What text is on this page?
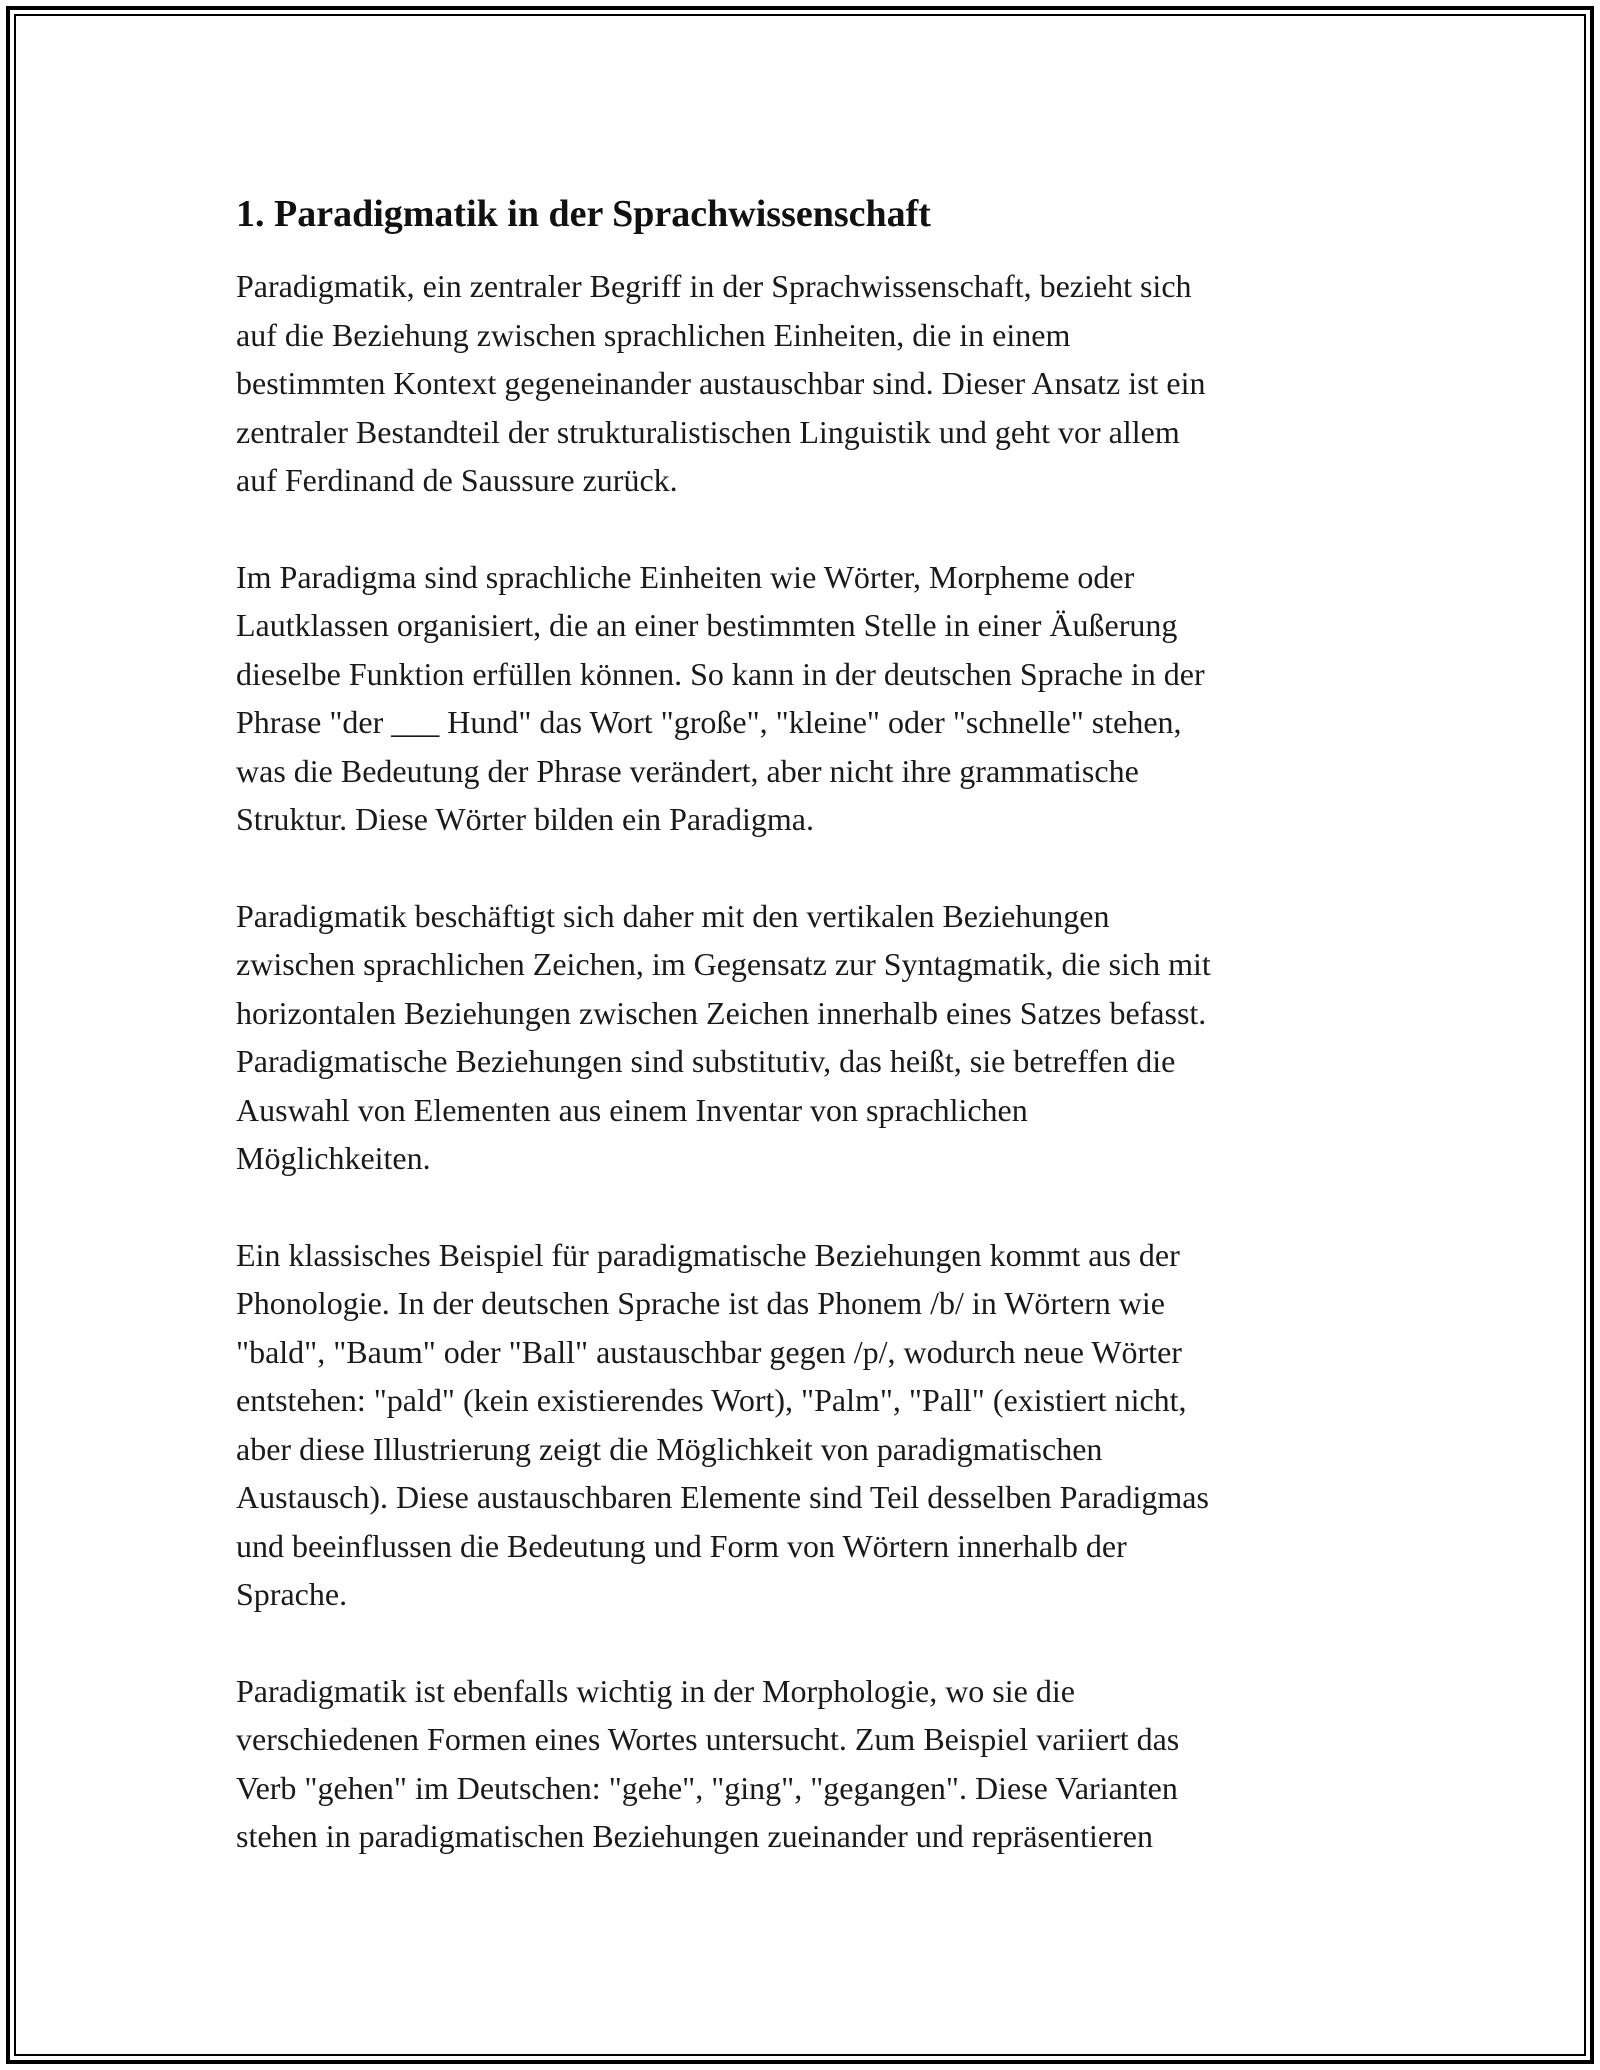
1. Paradigmatik in der Sprachwissenschaft

Paradigmatik, ein zentraler Begriff in der Sprachwissenschaft, bezieht sich
auf die Beziehung zwischen sprachlichen Einheiten, die in einem
bestimmten Kontext gegeneinander austauschbar sind. Dieser Ansatz ist ein
zentraler Bestandteil der strukturalistischen Linguistik und geht vor allem
auf Ferdinand de Saussure zurück.

Im Paradigma sind sprachliche Einheiten wie Wörter, Morpheme oder
Lautklassen organisiert, die an einer bestimmten Stelle in einer Äußerung
dieselbe Funktion erfüllen können. So kann in der deutschen Sprache in der
Phrase "der ___ Hund" das Wort "große", "kleine" oder "schnelle" stehen,
was die Bedeutung der Phrase verändert, aber nicht ihre grammatische
Struktur. Diese Wörter bilden ein Paradigma.

Paradigmatik beschäftigt sich daher mit den vertikalen Beziehungen
zwischen sprachlichen Zeichen, im Gegensatz zur Syntagmatik, die sich mit
horizontalen Beziehungen zwischen Zeichen innerhalb eines Satzes befasst.
Paradigmatische Beziehungen sind substitutiv, das heißt, sie betreffen die
Auswahl von Elementen aus einem Inventar von sprachlichen
Möglichkeiten.

Ein klassisches Beispiel für paradigmatische Beziehungen kommt aus der
Phonologie. In der deutschen Sprache ist das Phonem /b/ in Wörtern wie
"bald", "Baum" oder "Ball" austauschbar gegen /p/, wodurch neue Wörter
entstehen: "pald" (kein existierendes Wort), "Palm", "Pall" (existiert nicht,
aber diese Illustrierung zeigt die Möglichkeit von paradigmatischen
Austausch). Diese austauschbaren Elemente sind Teil desselben Paradigmas
und beeinflussen die Bedeutung und Form von Wörtern innerhalb der
Sprache.

Paradigmatik ist ebenfalls wichtig in der Morphologie, wo sie die
verschiedenen Formen eines Wortes untersucht. Zum Beispiel variiert das
Verb "gehen" im Deutschen: "gehe", "ging", "gegangen". Diese Varianten
stehen in paradigmatischen Beziehungen zueinander und repräsentieren
